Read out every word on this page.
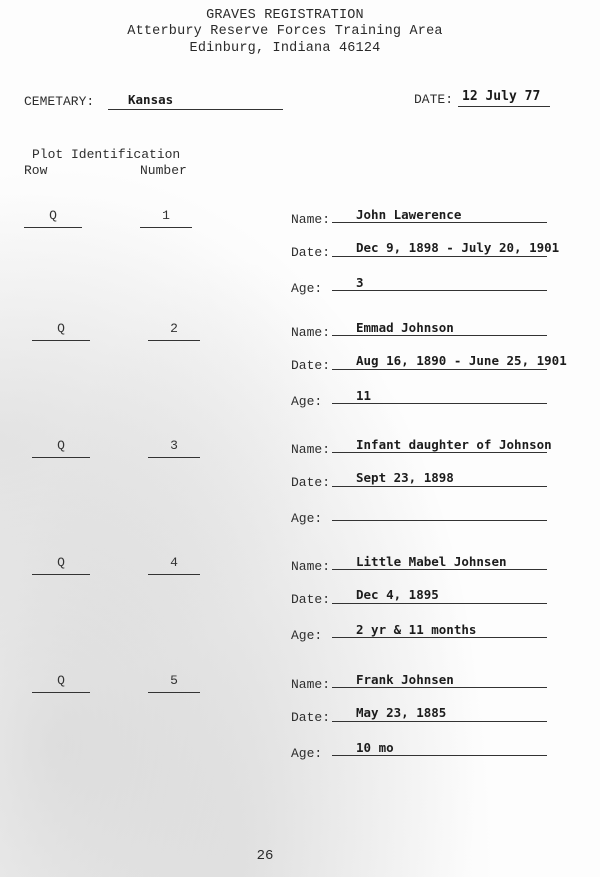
GRAVES REGISTRATION
Atterbury Reserve Forces Training Area
Edinburg, Indiana 46124
CEMETARY:	Kansas	DATE: 12 July 77
Plot Identification
Row	Number
Q	1	Name: John Lawerence
Date: Dec 9, 1898 - July 20, 1901
Age:	3
Q	2	Name: Emmad Johnson
Date: Aug 16, 1890 - June 25, 1901
Age:	11
Q	3	Name: Infant daughter of Johnson
Date: Sept 23, 1898
Age:
Q	4	Name: Little Mabel Johnsen
Date: Dec 4, 1895
Age:	2 yr & 11 months
Q	5	Name: Frank Johnsen
Date: May 23, 1885
Age:	10 mo
26
